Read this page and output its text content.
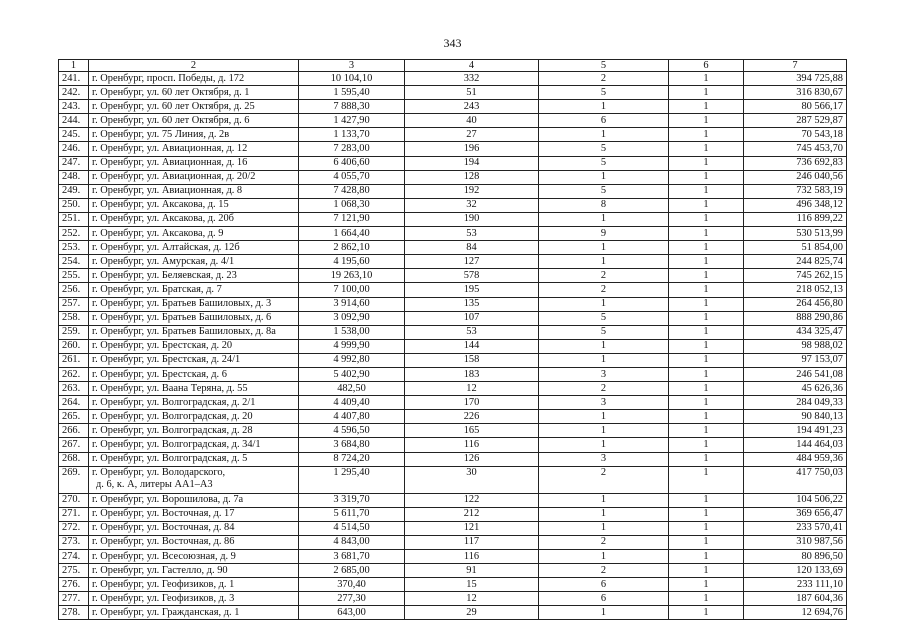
343
1	2	3	4	5	6	7
241.	г. Оренбург, просп. Победы, д. 172	10 104,10	332	2	1	394 725,88
242.	г. Оренбург, ул. 60 лет Октября, д. 1	1 595,40	51	5	1	316 830,67
243.	г. Оренбург, ул. 60 лет Октября, д. 25	7 888,30	243	1	1	80 566,17
244.	г. Оренбург, ул. 60 лет Октября, д. 6	1 427,90	40	6	1	287 529,87
245.	г. Оренбург, ул. 75 Линия, д. 2в	1 133,70	27	1	1	70 543,18
246.	г. Оренбург, ул. Авиационная, д. 12	7 283,00	196	5	1	745 453,70
247.	г. Оренбург, ул. Авиационная, д. 16	6 406,60	194	5	1	736 692,83
248.	г. Оренбург, ул. Авиационная, д. 20/2	4 055,70	128	1	1	246 040,56
249.	г. Оренбург, ул. Авиационная, д. 8	7 428,80	192	5	1	732 583,19
250.	г. Оренбург, ул. Аксакова, д. 15	1 068,30	32	8	1	496 348,12
251.	г. Оренбург, ул. Аксакова, д. 20б	7 121,90	190	1	1	116 899,22
252.	г. Оренбург, ул. Аксакова, д. 9	1 664,40	53	9	1	530 513,99
253.	г. Оренбург, ул. Алтайская, д. 12б	2 862,10	84	1	1	51 854,00
254.	г. Оренбург, ул. Амурская, д. 4/1	4 195,60	127	1	1	244 825,74
255.	г. Оренбург, ул. Беляевская, д. 23	19 263,10	578	2	1	745 262,15
256.	г. Оренбург, ул. Братская, д. 7	7 100,00	195	2	1	218 052,13
257.	г. Оренбург, ул. Братьев Башиловых, д. 3	3 914,60	135	1	1	264 456,80
258.	г. Оренбург, ул. Братьев Башиловых, д. 6	3 092,90	107	5	1	888 290,86
259.	г. Оренбург, ул. Братьев Башиловых, д. 8а	1 538,00	53	5	1	434 325,47
260.	г. Оренбург, ул. Брестская, д. 20	4 999,90	144	1	1	98 988,02
261.	г. Оренбург, ул. Брестская, д. 24/1	4 992,80	158	1	1	97 153,07
262.	г. Оренбург, ул. Брестская, д. 6	5 402,90	183	3	1	246 541,08
263.	г. Оренбург, ул. Ваана Теряна, д. 55	482,50	12	2	1	45 626,36
264.	г. Оренбург, ул. Волгоградская, д. 2/1	4 409,40	170	3	1	284 049,33
265.	г. Оренбург, ул. Волгоградская, д. 20	4 407,80	226	1	1	90 840,13
266.	г. Оренбург, ул. Волгоградская, д. 28	4 596,50	165	1	1	194 491,23
267.	г. Оренбург, ул. Волгоградская, д. 34/1	3 684,80	116	1	1	144 464,03
268.	г. Оренбург, ул. Волгоградская, д. 5	8 724,20	126	3	1	484 959,36
269.	г. Оренбург, ул. Володарского,
д. 6, к. А, литеры АА1–А3	1 295,40	30	2	1	417 750,03
270.	г. Оренбург, ул. Ворошилова, д. 7а	3 319,70	122	1	1	104 506,22
271.	г. Оренбург, ул. Восточная, д. 17	5 611,70	212	1	1	369 656,47
272.	г. Оренбург, ул. Восточная, д. 84	4 514,50	121	1	1	233 570,41
273.	г. Оренбург, ул. Восточная, д. 86	4 843,00	117	2	1	310 987,56
274.	г. Оренбург, ул. Всесоюзная, д. 9	3 681,70	116	1	1	80 896,50
275.	г. Оренбург, ул. Гастелло, д. 90	2 685,00	91	2	1	120 133,69
276.	г. Оренбург, ул. Геофизиков, д. 1	370,40	15	6	1	233 111,10
277.	г. Оренбург, ул. Геофизиков, д. 3	277,30	12	6	1	187 604,36
278.	г. Оренбург, ул. Гражданская, д. 1	643,00	29	1	1	12 694,76
